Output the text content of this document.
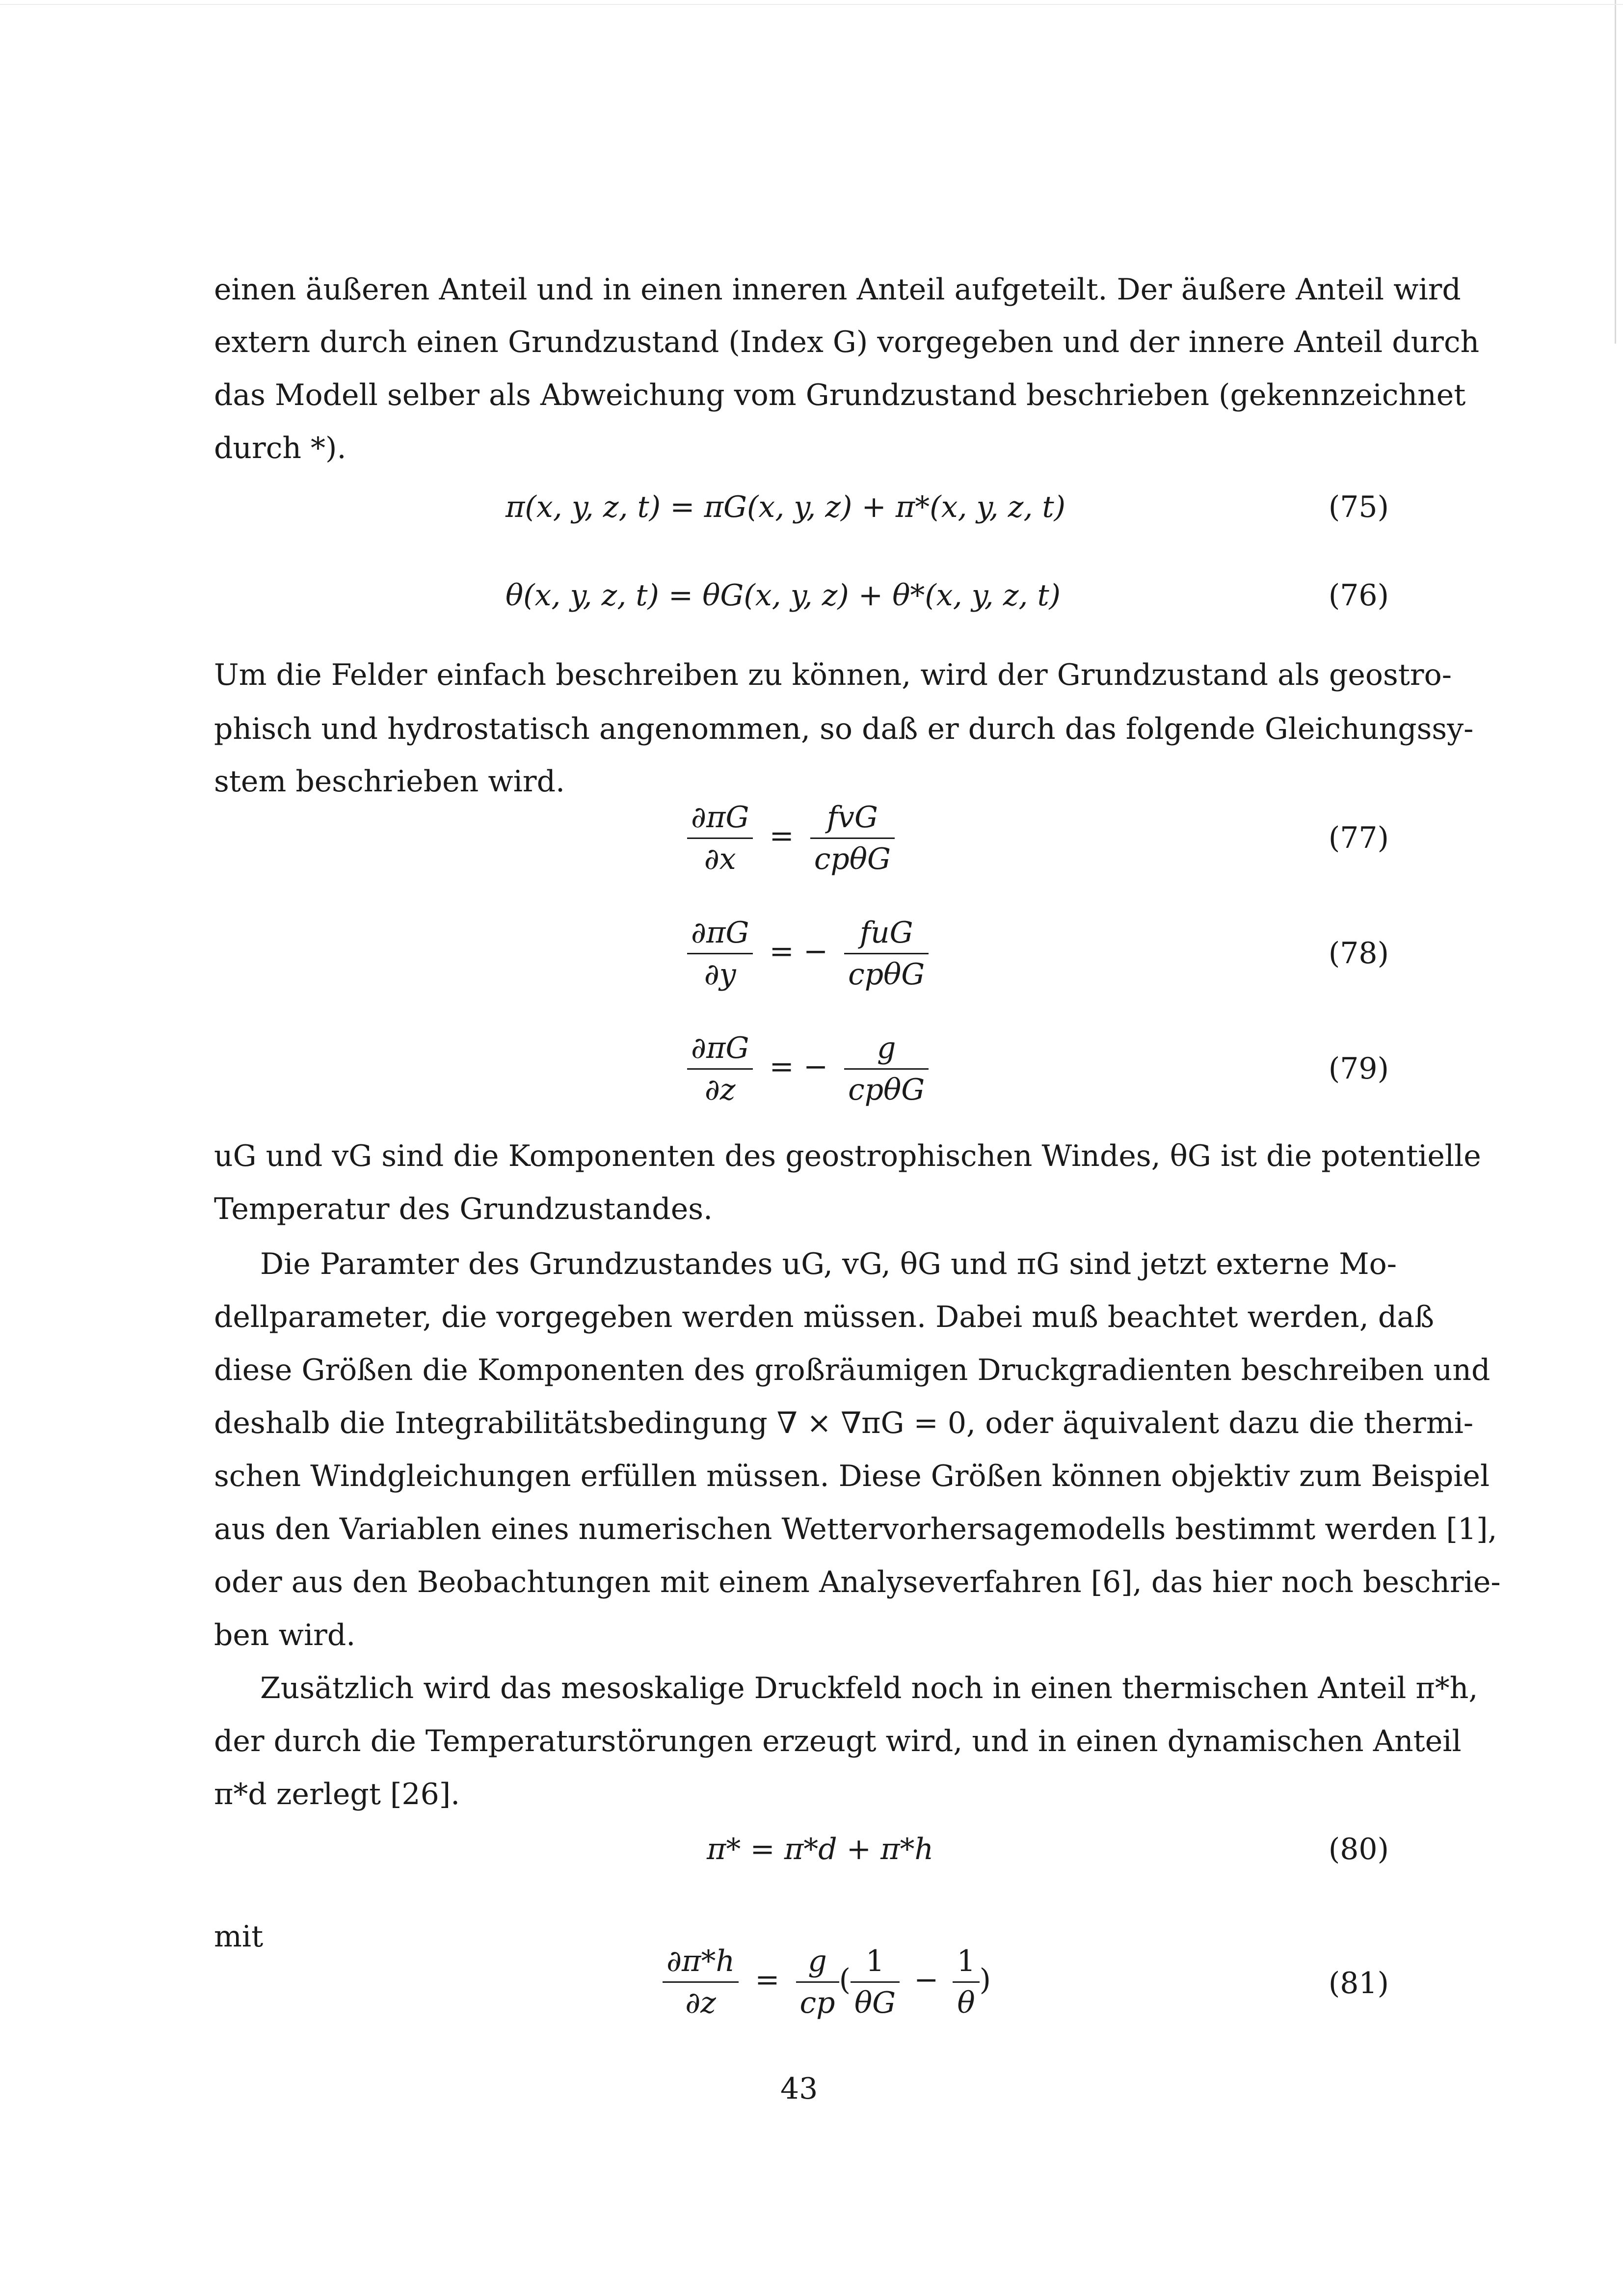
einen äußeren Anteil und in einen inneren Anteil aufgeteilt. Der äußere Anteil wird
extern durch einen Grundzustand (Index G) vorgegeben und der innere Anteil durch
das Modell selber als Abweichung vom Grundzustand beschrieben (gekennzeichnet
durch *).
π(x, y, z, t) = πG(x, y, z) + π*(x, y, z, t)	(75)
θ(x, y, z, t) = θG(x, y, z) + θ*(x, y, z, t)	(76)
Um die Felder einfach beschreiben zu können, wird der Grundzustand als geostro-
phisch und hydrostatisch angenommen, so daß er durch das folgende Gleichungssy-
stem beschrieben wird.
$\frac{\partial\pi G}{\partial x} = \frac{\text{fvG}}{\text{cpθG}}$	(77)
$\frac{\partial\pi G}{\partial y}$ = − $\frac{\text{fuG}}{\text{cpθG}}$	(78)
$\frac{\partial\pi G}{\partial z}$ = − $\frac{g}{\text{cpθG}}$	(79)
uG und vG sind die Komponenten des geostrophischen Windes, θG ist die potentielle
Temperatur des Grundzustandes.
Die Paramter des Grundzustandes uG, vG, θG und πG sind jetzt externe Mo-
dellparameter, die vorgegeben werden müssen. Dabei muß beachtet werden, daß
diese Größen die Komponenten des großräumigen Druckgradienten beschreiben und
deshalb die Integrabilitätsbedingung ∇ × ∇πG = 0, oder äquivalent dazu die thermi-
schen Windgleichungen erfüllen müssen. Diese Größen können objektiv zum Beispiel
aus den Variablen eines numerischen Wettervorhersagemodells bestimmt werden [1],
oder aus den Beobachtungen mit einem Analyseverfahren [6], das hier noch beschrie-
ben wird.
Zusätzlich wird das mesoskalige Druckfeld noch in einen thermischen Anteil π*h,
der durch die Temperaturstörungen erzeugt wird, und in einen dynamischen Anteil
π*d zerlegt [26].
π* = π*d + π*h	(80)
mit
$\frac{\partial\pi*h}{\partial z} = \frac{g}{cp}$ ( $\frac{1}{\theta G} - \frac{1}{\theta}$ )	(81)
43
